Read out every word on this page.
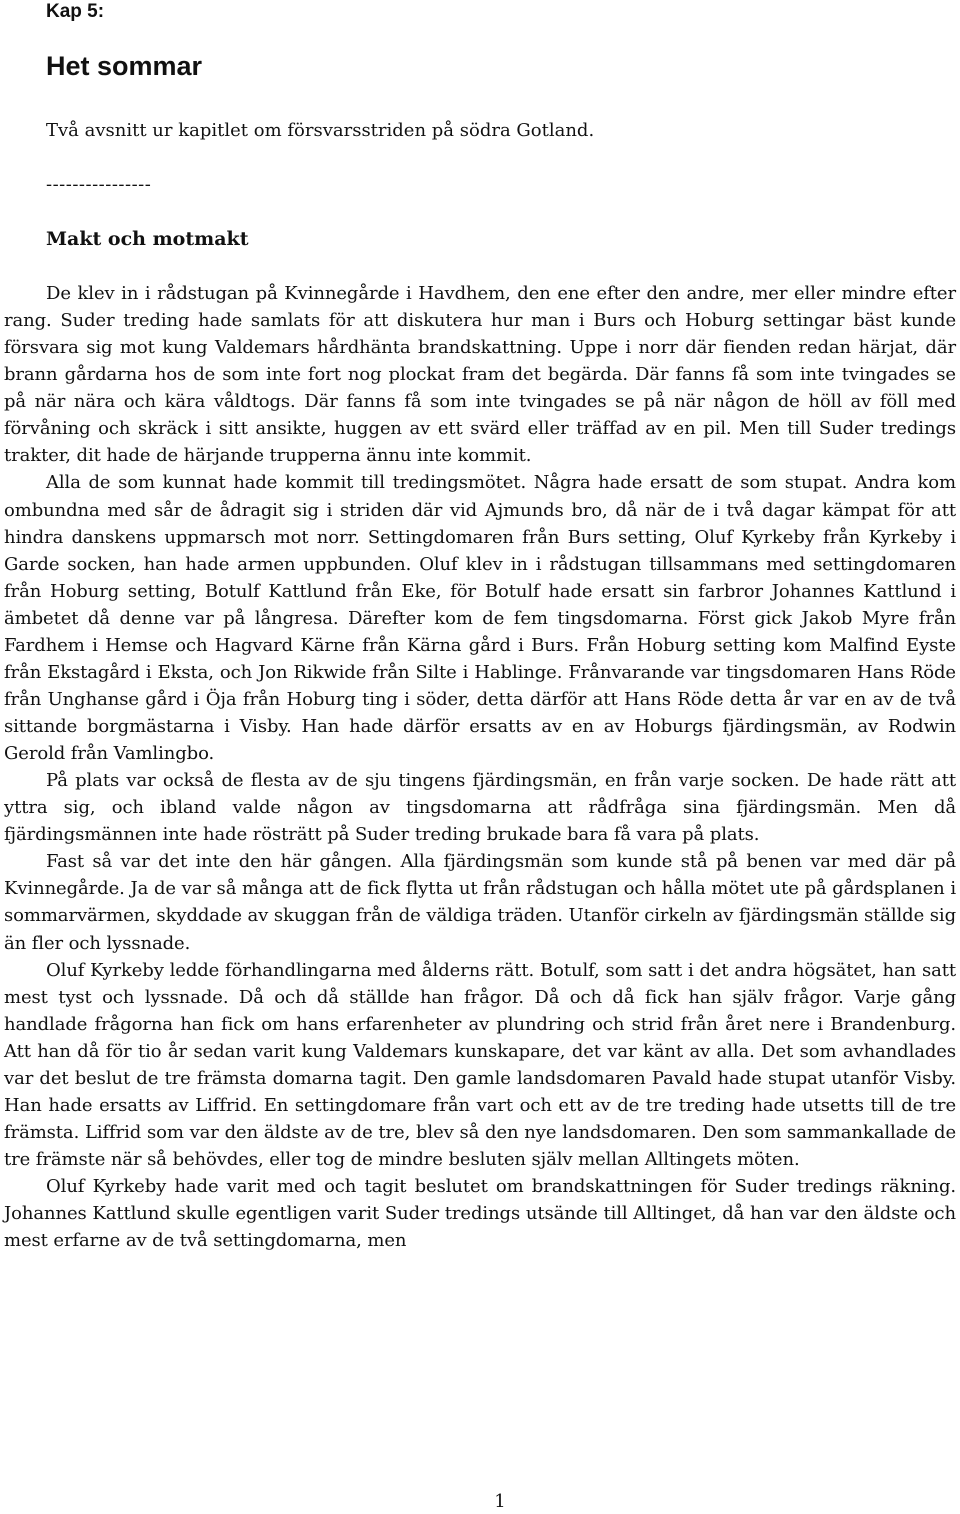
Kap 5:
Het sommar

Två avsnitt ur kapitlet om försvarsstriden på södra Gotland.

----------------

Makt och motmakt

De klev in i rådstugan på Kvinnegårde i Havdhem, den ene efter den andre, mer eller mindre efter rang. Suder treding hade samlats för att diskutera hur man i Burs och Hoburg settingar bäst kunde försvara sig mot kung Valdemars hårdhänta brandskattning. Uppe i norr där fienden redan härjat, där brann gårdarna hos de som inte fort nog plockat fram det begärda. Där fanns få som inte tvingades se på när nära och kära våldtogs. Där fanns få som inte tvingades se på när någon de höll av föll med förvåning och skräck i sitt ansikte, huggen av ett svärd eller träffad av en pil. Men till Suder tredings trakter, dit hade de härjande trupperna ännu inte kommit.

Alla de som kunnat hade kommit till tredingsmötet. Några hade ersatt de som stupat. Andra kom ombundna med sår de ådragit sig i striden där vid Ajmunds bro, då när de i två dagar kämpat för att hindra danskens uppmarsch mot norr. Settingdomaren från Burs setting, Oluf Kyrkeby från Kyrkeby i Garde socken, han hade armen uppbunden. Oluf klev in i rådstugan tillsammans med settingdomaren från Hoburg setting, Botulf Kattlund från Eke, för Botulf hade ersatt sin farbror Johannes Kattlund i ämbetet då denne var på långresa. Därefter kom de fem tingsdomarna. Först gick Jakob Myre från Fardhem i Hemse och Hagvard Kärne från Kärna gård i Burs. Från Hoburg setting kom Malfind Eyste från Ekstagård i Eksta, och Jon Rikwide från Silte i Hablinge. Frånvarande var tingsdomaren Hans Röde från Unghanse gård i Öja från Hoburg ting i söder, detta därför att Hans Röde detta år var en av de två sittande borgmästarna i Visby. Han hade därför ersatts av en av Hoburgs fjärdingsmän, av Rodwin Gerold från Vamlingbo.

På plats var också de flesta av de sju tingens fjärdingsmän, en från varje socken. De hade rätt att yttra sig, och ibland valde någon av tingsdomarna att rådfråga sina fjärdingsmän. Men då fjärdingsmännen inte hade rösträtt på Suder treding brukade bara få vara på plats.

Fast så var det inte den här gången. Alla fjärdingsmän som kunde stå på benen var med där på Kvinnegårde. Ja de var så många att de fick flytta ut från rådstugan och hålla mötet ute på gårdsplanen i sommarvärmen, skyddade av skuggan från de väldiga träden. Utanför cirkeln av fjärdingsmän ställde sig än fler och lyssnade.

Oluf Kyrkeby ledde förhandlingarna med ålderns rätt. Botulf, som satt i det andra högsätet, han satt mest tyst och lyssnade. Då och då ställde han frågor. Då och då fick han själv frågor. Varje gång handlade frågorna han fick om hans erfarenheter av plundring och strid från året nere i Brandenburg. Att han då för tio år sedan varit kung Valdemars kunskapare, det var känt av alla. Det som avhandlades var det beslut de tre främsta domarna tagit. Den gamle landsdomaren Pavald hade stupat utanför Visby. Han hade ersatts av Liffrid. En settingdomare från vart och ett av de tre treding hade utsetts till de tre främsta. Liffrid som var den äldste av de tre, blev så den nye landsdomaren. Den som sammankallade de tre främste när så behövdes, eller tog de mindre besluten själv mellan Alltingets möten.

Oluf Kyrkeby hade varit med och tagit beslutet om brandskattningen för Suder tredings räkning. Johannes Kattlund skulle egentligen varit Suder tredings utsände till Alltinget, då han var den äldste och mest erfarne av de två settingdomarna, men

1
